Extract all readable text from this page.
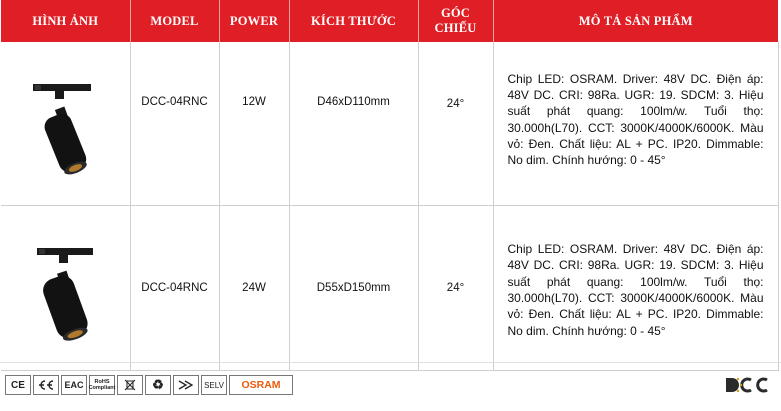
HÌNH ẢNH	MODEL	POWER	KÍCH THƯỚC	GÓC CHIẾU	MÔ TẢ SẢN PHẨM
	DCC-04RNC	12W	D46xD110mm	24°	Chip LED: OSRAM. Driver: 48V DC. Điện áp: 48V DC. CRI: 98Ra. UGR: 19. SDCM: 3. Hiệu suất phát quang: 100lm/w. Tuổi thọ: 30.000h(L70). CCT: 3000K/4000K/6000K. Màu vỏ: Đen. Chất liệu: AL + PC. IP20. Dimmable: No dim. Chính hướng: 0 - 45°

	DCC-04RNC	24W	D55xD150mm	24°	Chip LED: OSRAM. Driver: 48V DC. Điện áp: 48V DC. CRI: 98Ra. UGR: 19. SDCM: 3. Hiệu suất phát quang: 100lm/w. Tuổi thọ: 30.000h(L70). CCT: 3000K/4000K/6000K. Màu vỏ: Đen. Chất liệu: AL + PC. IP20. Dimmable: No dim. Chính hướng: 0 - 45°
CE	EAC	RoHS Compliant	♻	SELV OSRAM
